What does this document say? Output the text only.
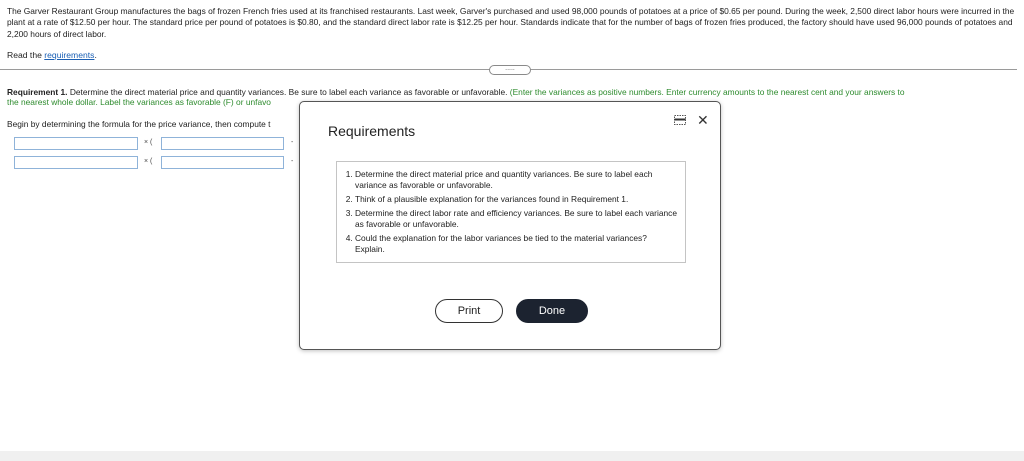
The Garver Restaurant Group manufactures the bags of frozen French fries used at its franchised restaurants. Last week, Garver's purchased and used 98,000 pounds of potatoes at a price of $0.65 per pound. During the week, 2,500 direct labor hours were incurred in the plant at a rate of $12.50 per hour. The standard price per pound of potatoes is $0.80, and the standard direct labor rate is $12.25 per hour. Standards indicate that for the number of bags of frozen fries produced, the factory should have used 96,000 pounds of potatoes and 2,200 hours of direct labor.
Read the requirements.
.....
Requirement 1. Determine the direct material price and quantity variances. Be sure to label each variance as favorable or unfavorable. (Enter the variances as positive numbers. Enter currency amounts to the nearest cent and your answers to
the nearest whole dollar. Label the variances as favorable (F) or unfavo
Begin by determining the formula for the price variance, then compute t
× (	-
× (	-
Requirements
✕
1. Determine the direct material price and quantity variances. Be sure to label each variance as favorable or unfavorable.
2. Think of a plausible explanation for the variances found in Requirement 1.
3. Determine the direct labor rate and efficiency variances. Be sure to label each variance as favorable or unfavorable.
4. Could the explanation for the labor variances be tied to the material variances? Explain.
Print	Done
